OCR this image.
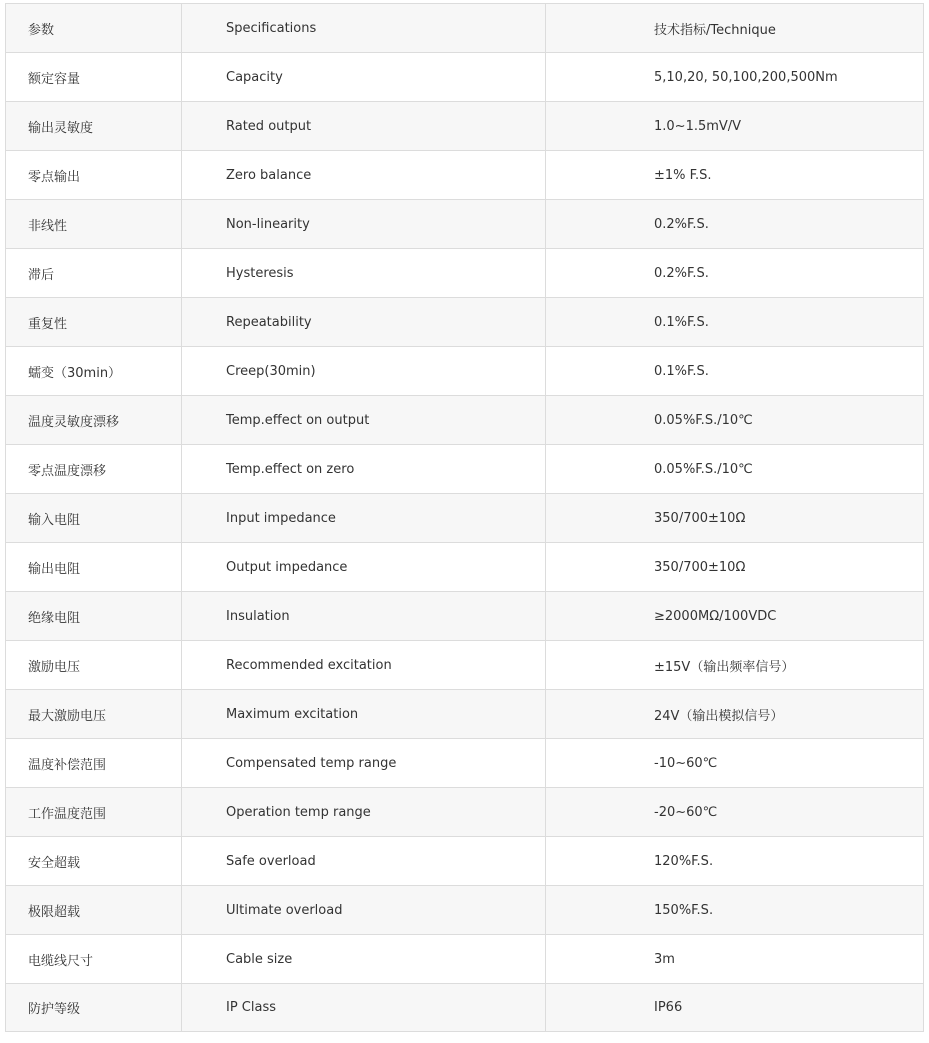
参数	Specifications	技术指标/Technique
额定容量	Capacity	5,10,20, 50,100,200,500Nm
输出灵敏度	Rated output	1.0~1.5mV/V
零点输出	Zero balance	±1% F.S.
非线性	Non-linearity	0.2%F.S.
滞后	Hysteresis	0.2%F.S.
重复性	Repeatability	0.1%F.S.
蠕变（30min）	Creep(30min)	0.1%F.S.
温度灵敏度漂移	Temp.effect on output	0.05%F.S./10℃
零点温度漂移	Temp.effect on zero	0.05%F.S./10℃
输入电阻	Input impedance	350/700±10Ω
输出电阻	Output impedance	350/700±10Ω
绝缘电阻	Insulation	≥2000MΩ/100VDC
激励电压	Recommended excitation	±15V（输出频率信号）
最大激励电压	Maximum excitation	24V（输出模拟信号）
温度补偿范围	Compensated temp range	-10~60℃
工作温度范围	Operation temp range	-20~60℃
安全超载	Safe overload	120%F.S.
极限超载	Ultimate overload	150%F.S.
电缆线尺寸	Cable size	3m
防护等级	IP Class	IP66
